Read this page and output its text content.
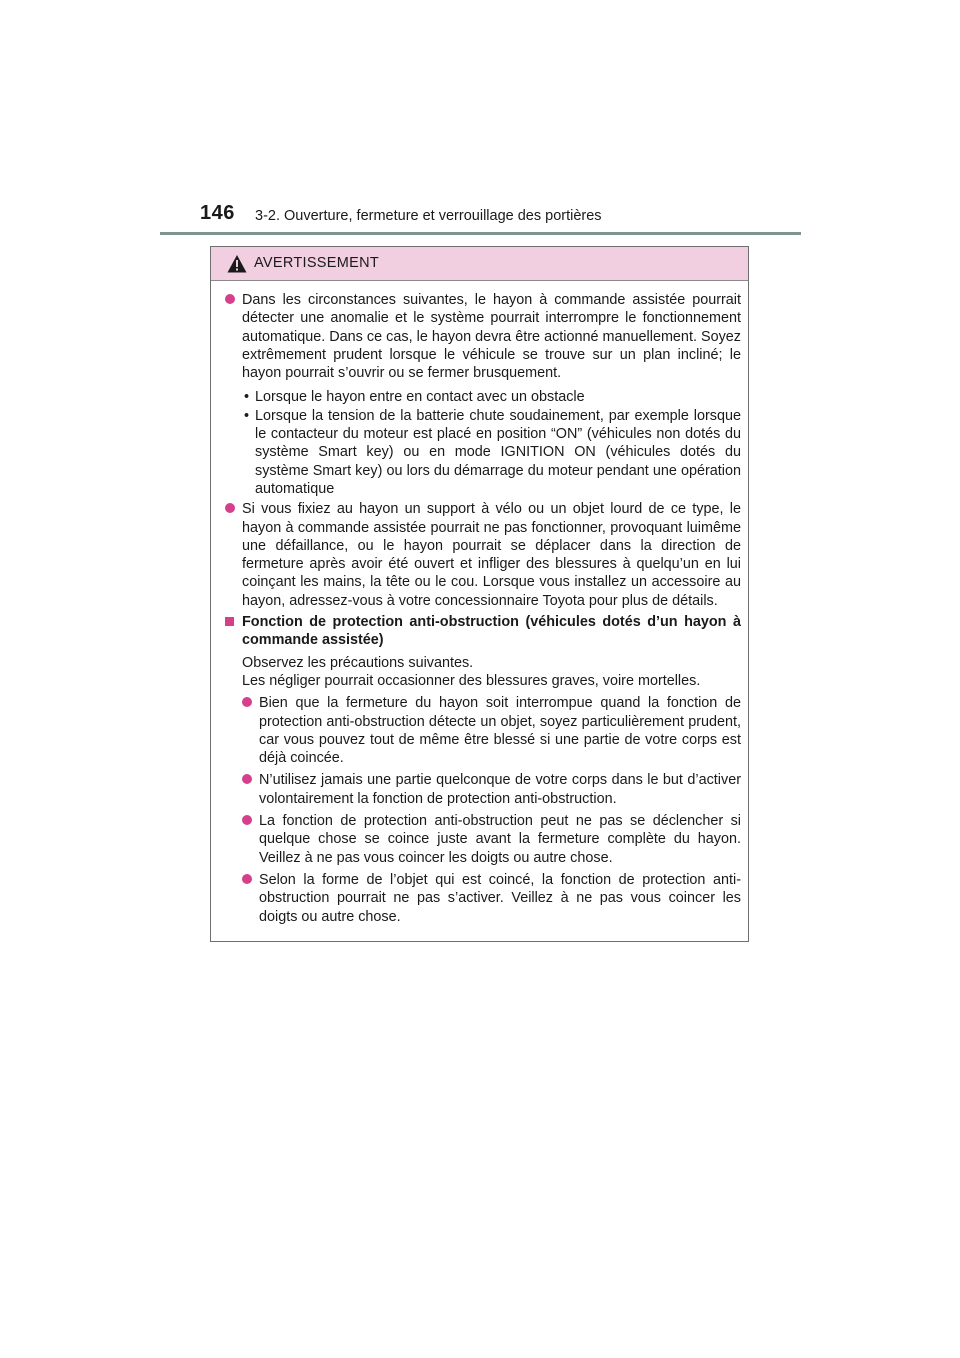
146 3-2. Ouverture, fermeture et verrouillage des portières
AVERTISSEMENT
Dans les circonstances suivantes, le hayon à commande assistée pourrait détecter une anomalie et le système pourrait interrompre le fonctionnement automatique. Dans ce cas, le hayon devra être actionné manuellement. Soyez extrêmement prudent lorsque le véhicule se trouve sur un plan incliné; le hayon pourrait s’ouvrir ou se fermer brusquement.
• Lorsque le hayon entre en contact avec un obstacle
• Lorsque la tension de la batterie chute soudainement, par exemple lorsque le contacteur du moteur est placé en position “ON” (véhicules non dotés du système Smart key) ou en mode IGNITION ON (véhicules dotés du système Smart key) ou lors du démarrage du moteur pendant une opération automatique
Si vous fixiez au hayon un support à vélo ou un objet lourd de ce type, le hayon à commande assistée pourrait ne pas fonctionner, provoquant luimême une défaillance, ou le hayon pourrait se déplacer dans la direction de fermeture après avoir été ouvert et infliger des blessures à quelqu’un en lui coinçant les mains, la tête ou le cou. Lorsque vous installez un accessoire au hayon, adressez-vous à votre concessionnaire Toyota pour plus de détails.
Fonction de protection anti-obstruction (véhicules dotés d’un hayon à commande assistée)
Observez les précautions suivantes.
Les négliger pourrait occasionner des blessures graves, voire mortelles.
Bien que la fermeture du hayon soit interrompue quand la fonction de protection anti-obstruction détecte un objet, soyez particulièrement prudent, car vous pouvez tout de même être blessé si une partie de votre corps est déjà coincée.
N’utilisez jamais une partie quelconque de votre corps dans le but d’activer volontairement la fonction de protection anti-obstruction.
La fonction de protection anti-obstruction peut ne pas se déclencher si quelque chose se coince juste avant la fermeture complète du hayon. Veillez à ne pas vous coincer les doigts ou autre chose.
Selon la forme de l’objet qui est coincé, la fonction de protection anti-obstruction pourrait ne pas s’activer. Veillez à ne pas vous coincer les doigts ou autre chose.
